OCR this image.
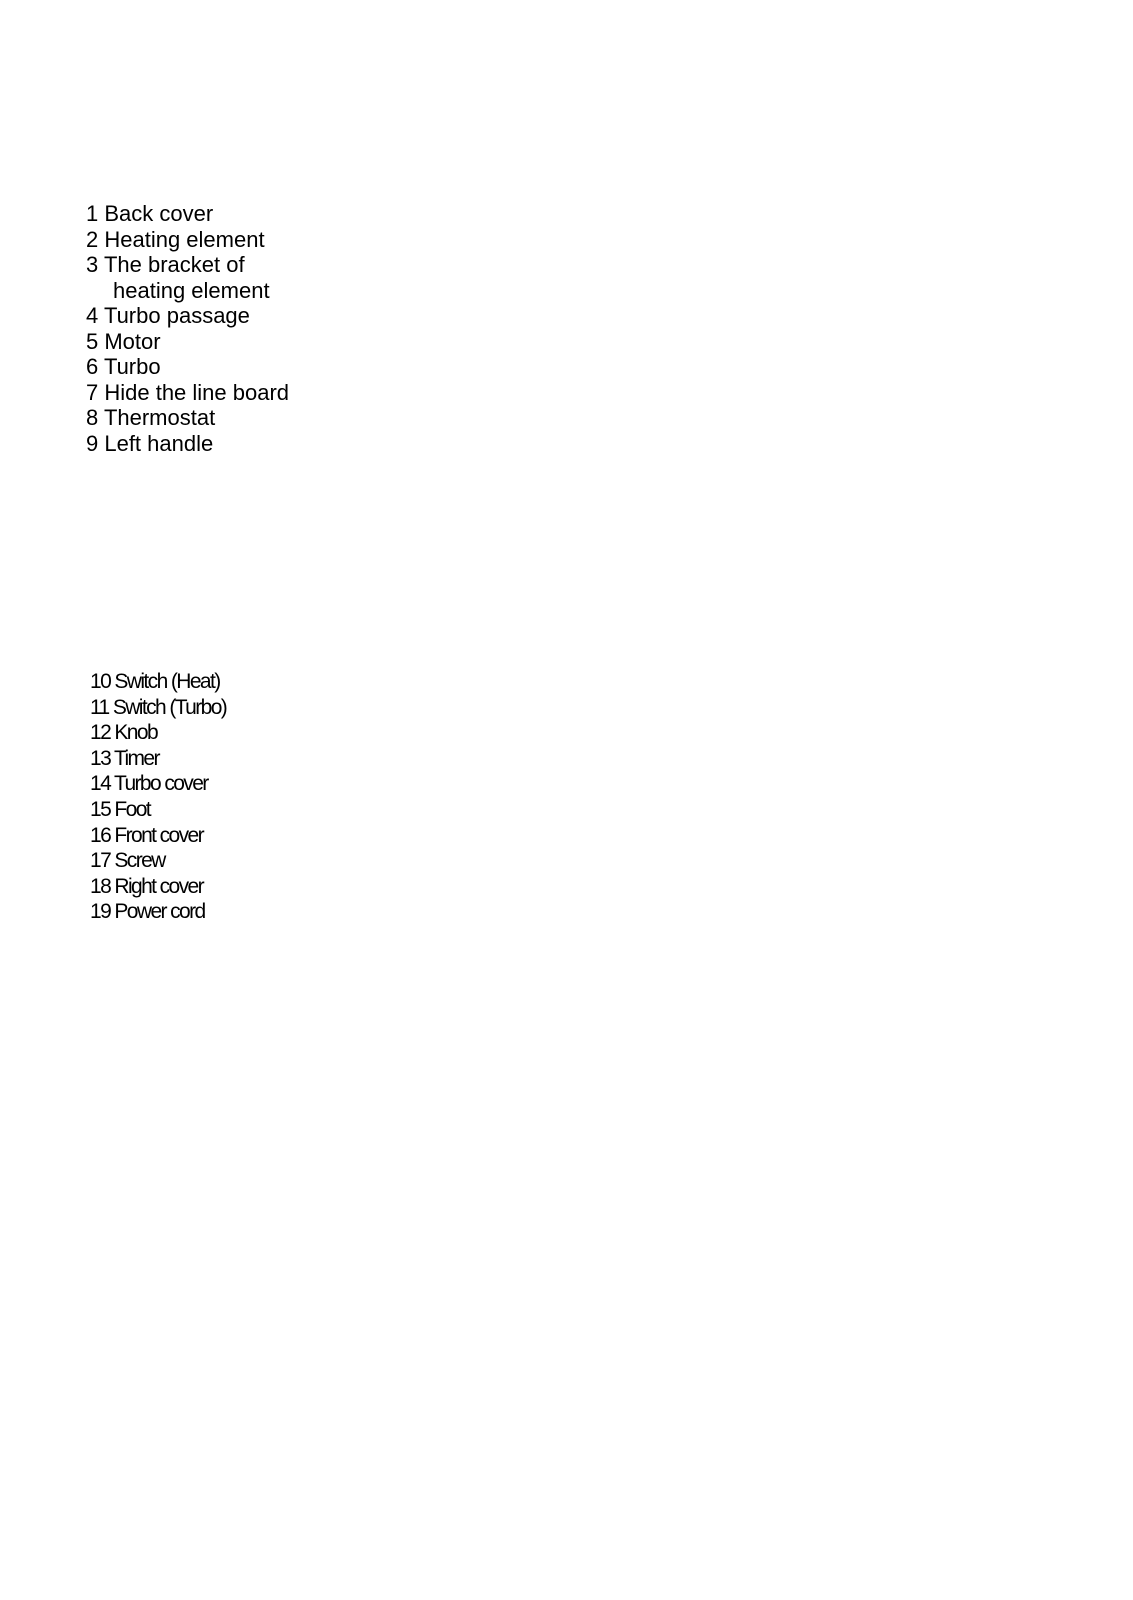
1 Back cover
2 Heating element
3 The bracket of
heating element
4 Turbo passage
5 Motor
6 Turbo
7 Hide the line board
8 Thermostat
9 Left handle
10 Switch (Heat)
11 Switch (Turbo)
12 Knob
13 Timer
14 Turbo cover
15 Foot
16 Front cover
17 Screw
18 Right cover
19 Power cord
